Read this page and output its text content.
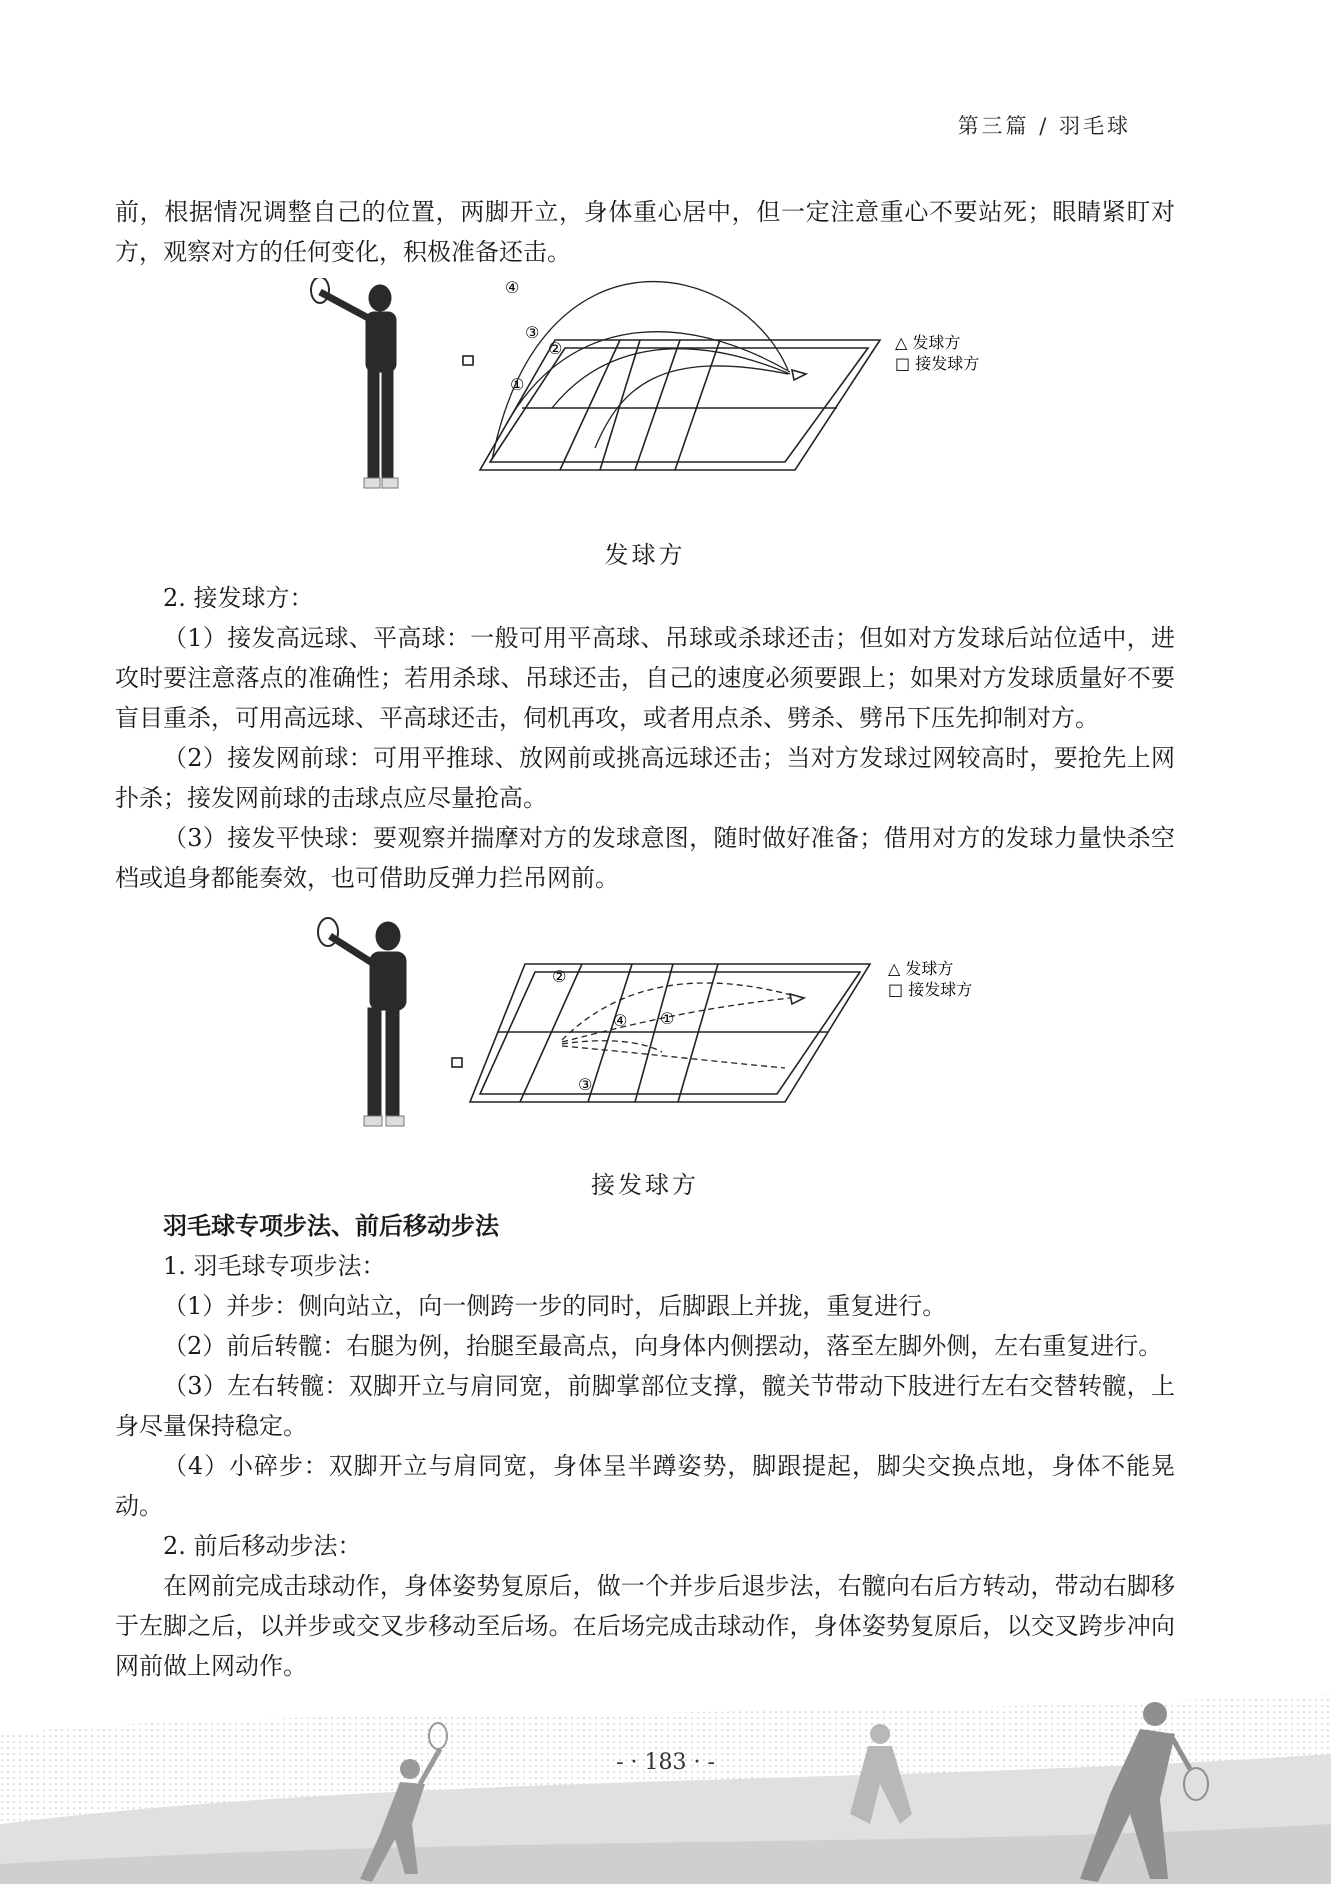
第三篇 / 羽毛球

前，根据情况调整自己的位置，两脚开立，身体重心居中，但一定注意重心不要站死；眼睛紧盯对方，观察对方的任何变化，积极准备还击。

①
②
③
④
△ 发球方
□ 接发球方
发球方

2. 接发球方：

（1）接发高远球、平高球：一般可用平高球、吊球或杀球还击；但如对方发球后站位适中，进攻时要注意落点的准确性；若用杀球、吊球还击，自己的速度必须要跟上；如果对方发球质量好不要盲目重杀，可用高远球、平高球还击，伺机再攻，或者用点杀、劈杀、劈吊下压先抑制对方。

（2）接发网前球：可用平推球、放网前或挑高远球还击；当对方发球过网较高时，要抢先上网扑杀；接发网前球的击球点应尽量抢高。

（3）接发平快球：要观察并揣摩对方的发球意图，随时做好准备；借用对方的发球力量快杀空档或追身都能奏效，也可借助反弹力拦吊网前。

①
②
③
④
△ 发球方
□ 接发球方
接发球方

羽毛球专项步法、前后移动步法

1. 羽毛球专项步法：

（1）并步：侧向站立，向一侧跨一步的同时，后脚跟上并拢，重复进行。

（2）前后转髋：右腿为例，抬腿至最高点，向身体内侧摆动，落至左脚外侧，左右重复进行。

（3）左右转髋：双脚开立与肩同宽，前脚掌部位支撑，髋关节带动下肢进行左右交替转髋，上身尽量保持稳定。

（4）小碎步：双脚开立与肩同宽，身体呈半蹲姿势，脚跟提起，脚尖交换点地，身体不能晃动。

2. 前后移动步法：

在网前完成击球动作，身体姿势复原后，做一个并步后退步法，右髋向右后方转动，带动右脚移于左脚之后，以并步或交叉步移动至后场。在后场完成击球动作，身体姿势复原后，以交叉跨步冲向网前做上网动作。

- · 183 · -
